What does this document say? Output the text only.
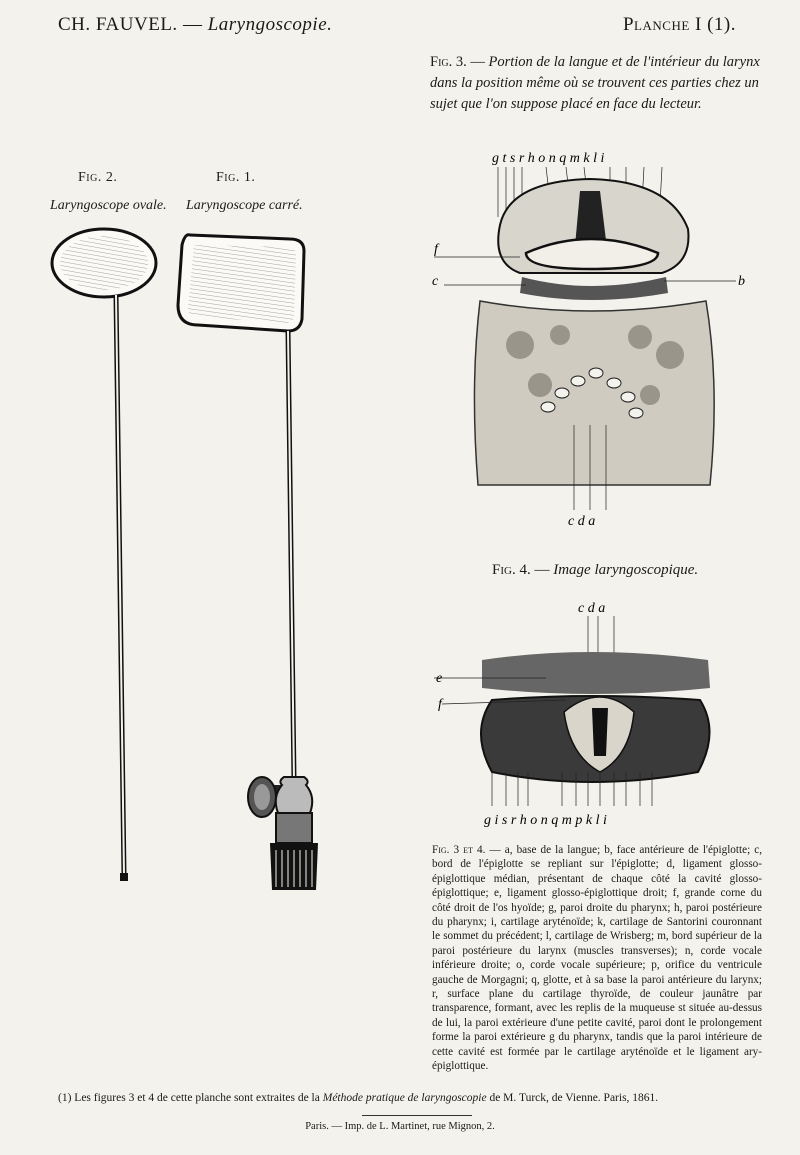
CH. FAUVEL. — Laryngoscopie.	Planche I (1).
Fig. 3. — Portion de la langue et de l'intérieur du larynx dans la position même où se trouvent ces parties chez un sujet que l'on suppose placé en face du lecteur.
Fig. 2.
Laryngoscope ovale.
Fig. 1.
Laryngoscope carré.
g t s r h o n q m k l i
f
c	b
c d a
Fig. 4. — Image laryngoscopique.
c d a
e
f
g i s r h o n q m p k l i
Fig. 3 et 4. — a, base de la langue; b, face antérieure de l'épiglotte; c, bord de l'épiglotte se repliant sur l'épiglotte; d, ligament glosso-épiglottique médian, présentant de chaque côté la cavité glosso-épiglottique; e, ligament glosso-épiglottique droit; f, grande corne du côté droit de l'os hyoïde; g, paroi droite du pharynx; h, paroi postérieure du pharynx; i, cartilage aryténoïde; k, cartilage de Santorini couronnant le sommet du précédent; l, cartilage de Wrisberg; m, bord supérieur de la paroi postérieure du larynx (muscles transverses); n, corde vocale inférieure droite; o, corde vocale supérieure; p, orifice du ventricule gauche de Morgagni; q, glotte, et à sa base la paroi antérieure du larynx; r, surface plane du cartilage thyroïde, de couleur jaunâtre par transparence, formant, avec les replis de la muqueuse st située au-dessus de lui, la paroi extérieure d'une petite cavité, paroi dont le prolongement forme la paroi extérieure g du pharynx, tandis que la paroi intérieure de cette cavité est formée par le cartilage aryténoïde et le ligament ary-épiglottique.
(1) Les figures 3 et 4 de cette planche sont extraites de la Méthode pratique de laryngoscopie de M. Turck, de Vienne. Paris, 1861.
Paris. — Imp. de L. Martinet, rue Mignon, 2.
